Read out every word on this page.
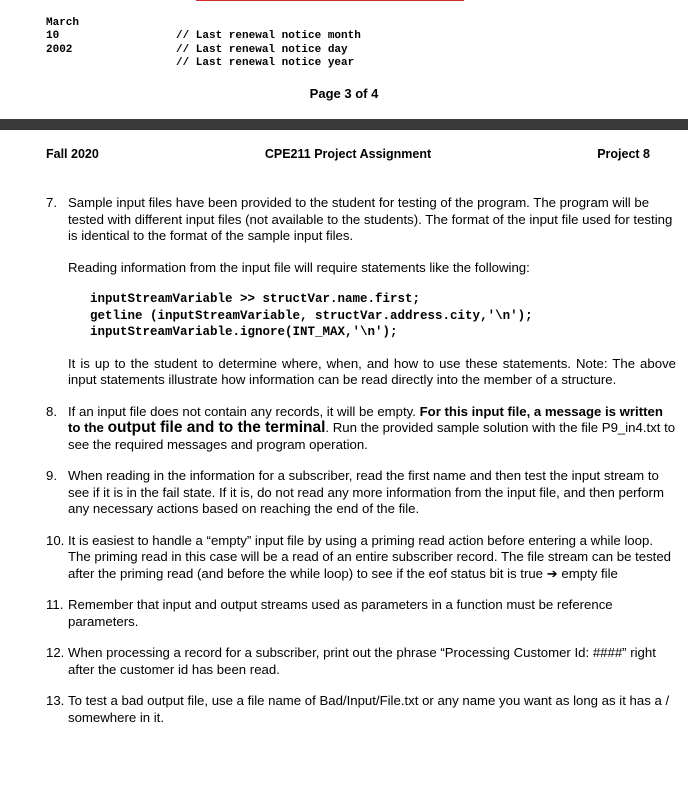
March

// Last renewal notice month

10

// Last renewal notice day

2002

// Last renewal notice year

Page 3 of 4
Fall 2020	CPE211 Project Assignment	Project 8
7. Sample input files have been provided to the student for testing of the program. The program will be tested with different input files (not available to the students). The format of the input file used for testing is identical to the format of the sample input files.

Reading information from the input file will require statements like the following:

inputStreamVariable >> structVar.name.first;
getline (inputStreamVariable, structVar.address.city,'\n');
inputStreamVariable.ignore(INT_MAX,'\n');

It is up to the student to determine where, when, and how to use these statements. Note: The above input statements illustrate how information can be read directly into the member of a structure.

8. If an input file does not contain any records, it will be empty. For this input file, a message is written to the output file and to the terminal. Run the provided sample solution with the file P9_in4.txt to see the required messages and program operation.

9. When reading in the information for a subscriber, read the first name and then test the input stream to see if it is in the fail state. If it is, do not read any more information from the input file, and then perform any necessary actions based on reaching the end of the file.

10. It is easiest to handle a “empty” input file by using a priming read action before entering a while loop. The priming read in this case will be a read of an entire subscriber record. The file stream can be tested after the priming read (and before the while loop) to see if the eof status bit is true ➔ empty file

11. Remember that input and output streams used as parameters in a function must be reference parameters.

12. When processing a record for a subscriber, print out the phrase “Processing Customer Id: ####” right after the customer id has been read.

13. To test a bad output file, use a file name of Bad/Input/File.txt or any name you want as long as it has a / somewhere in it.
